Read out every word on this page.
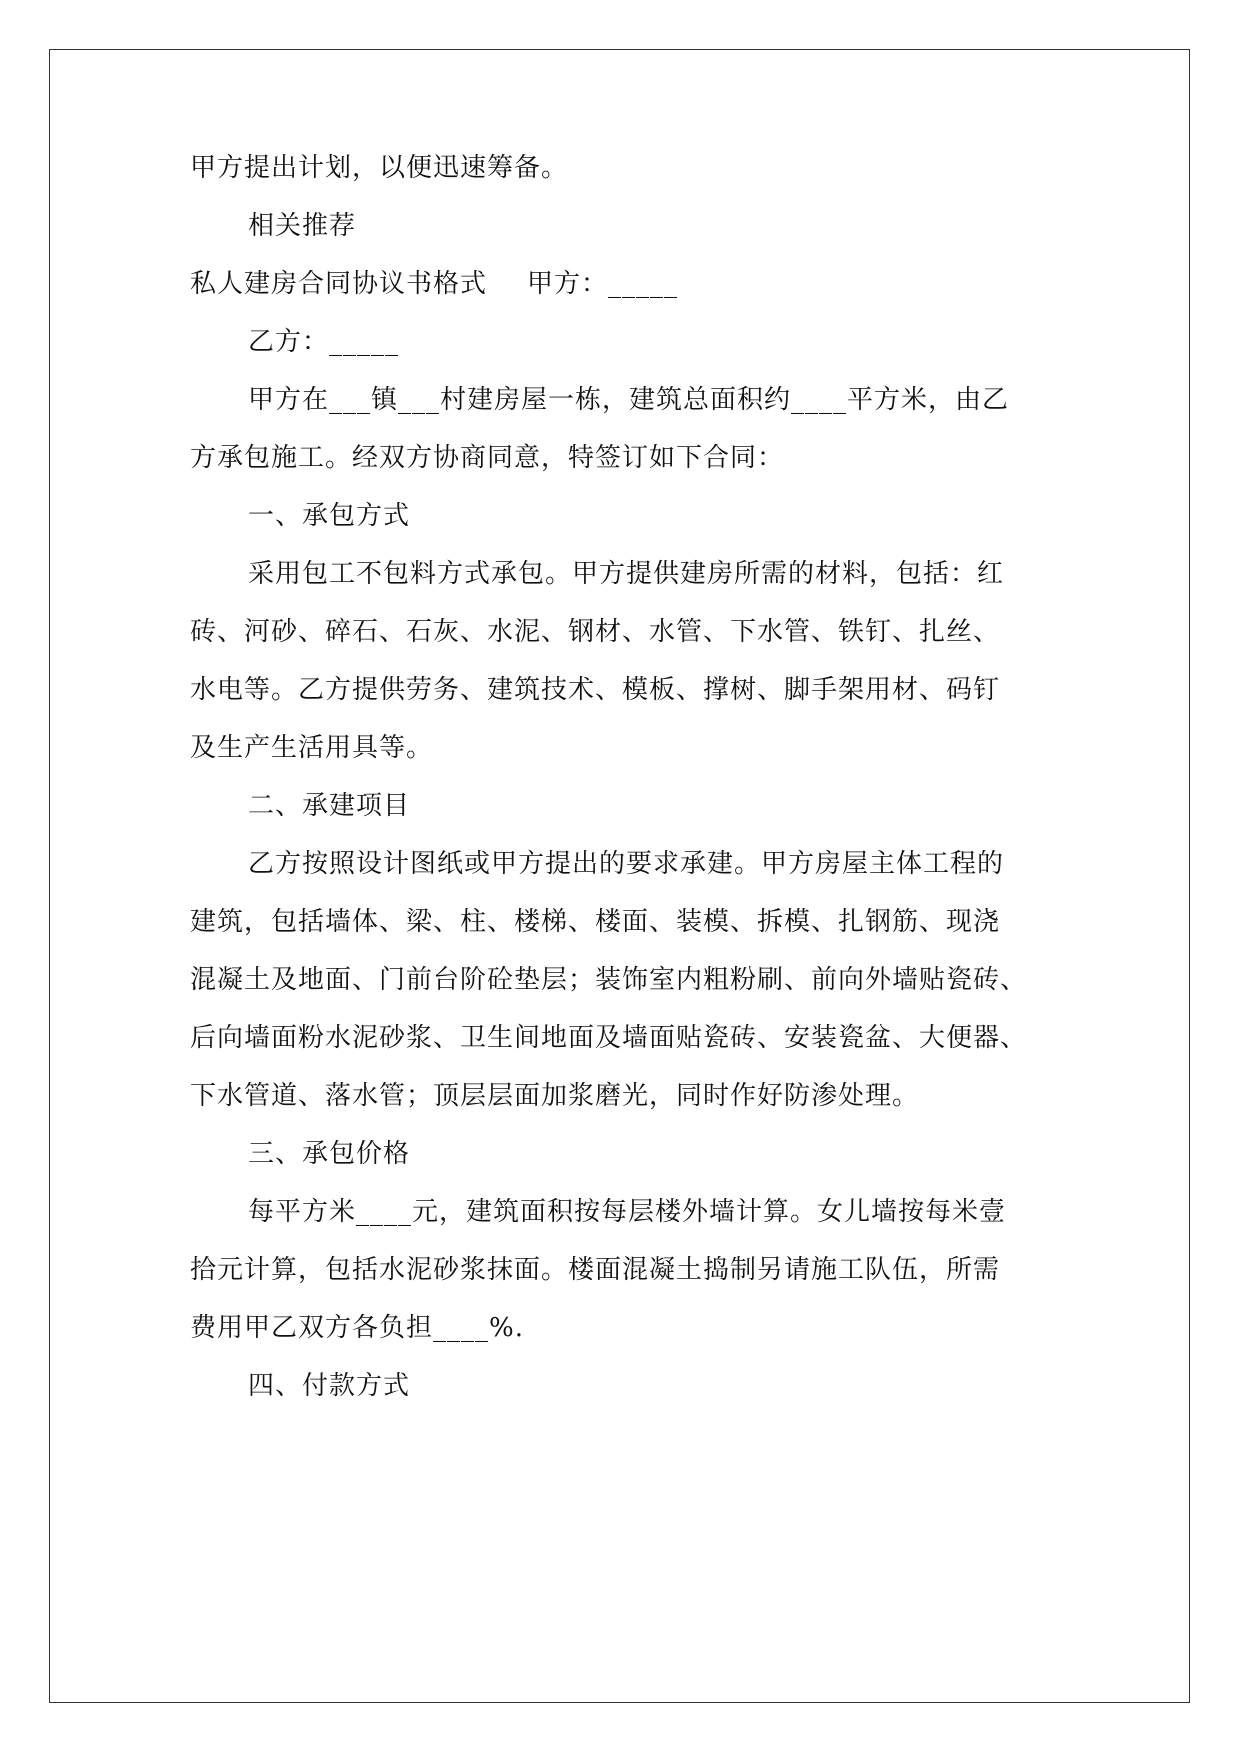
甲方提出计划，以便迅速筹备。
相关推荐
私人建房合同协议书格式 甲方：_____
乙方：_____
甲方在___镇___村建房屋一栋，建筑总面积约____平方米，由乙
方承包施工。经双方协商同意，特签订如下合同：
一、承包方式
采用包工不包料方式承包。甲方提供建房所需的材料，包括：红
砖、河砂、碎石、石灰、水泥、钢材、水管、下水管、铁钉、扎丝、
水电等。乙方提供劳务、建筑技术、模板、撑树、脚手架用材、码钉
及生产生活用具等。
二、承建项目
乙方按照设计图纸或甲方提出的要求承建。甲方房屋主体工程的
建筑，包括墙体、梁、柱、楼梯、楼面、装模、拆模、扎钢筋、现浇
混凝土及地面、门前台阶砼垫层；装饰室内粗粉刷、前向外墙贴瓷砖、
后向墙面粉水泥砂浆、卫生间地面及墙面贴瓷砖、安装瓷盆、大便器、
下水管道、落水管；顶层层面加浆磨光，同时作好防渗处理。
三、承包价格
每平方米____元，建筑面积按每层楼外墙计算。女儿墙按每米壹
拾元计算，包括水泥砂浆抹面。楼面混凝土捣制另请施工队伍，所需
费用甲乙双方各负担____%.
四、付款方式
